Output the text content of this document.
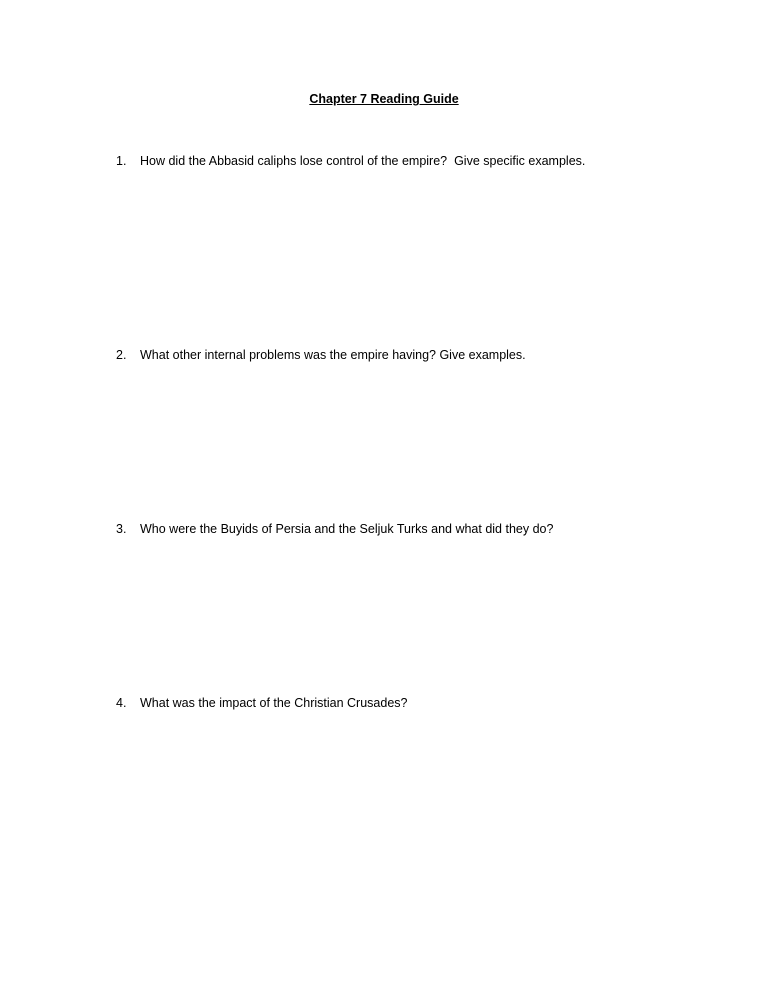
Chapter 7 Reading Guide
1. How did the Abbasid caliphs lose control of the empire?  Give specific examples.
2. What other internal problems was the empire having? Give examples.
3. Who were the Buyids of Persia and the Seljuk Turks and what did they do?
4. What was the impact of the Christian Crusades?
